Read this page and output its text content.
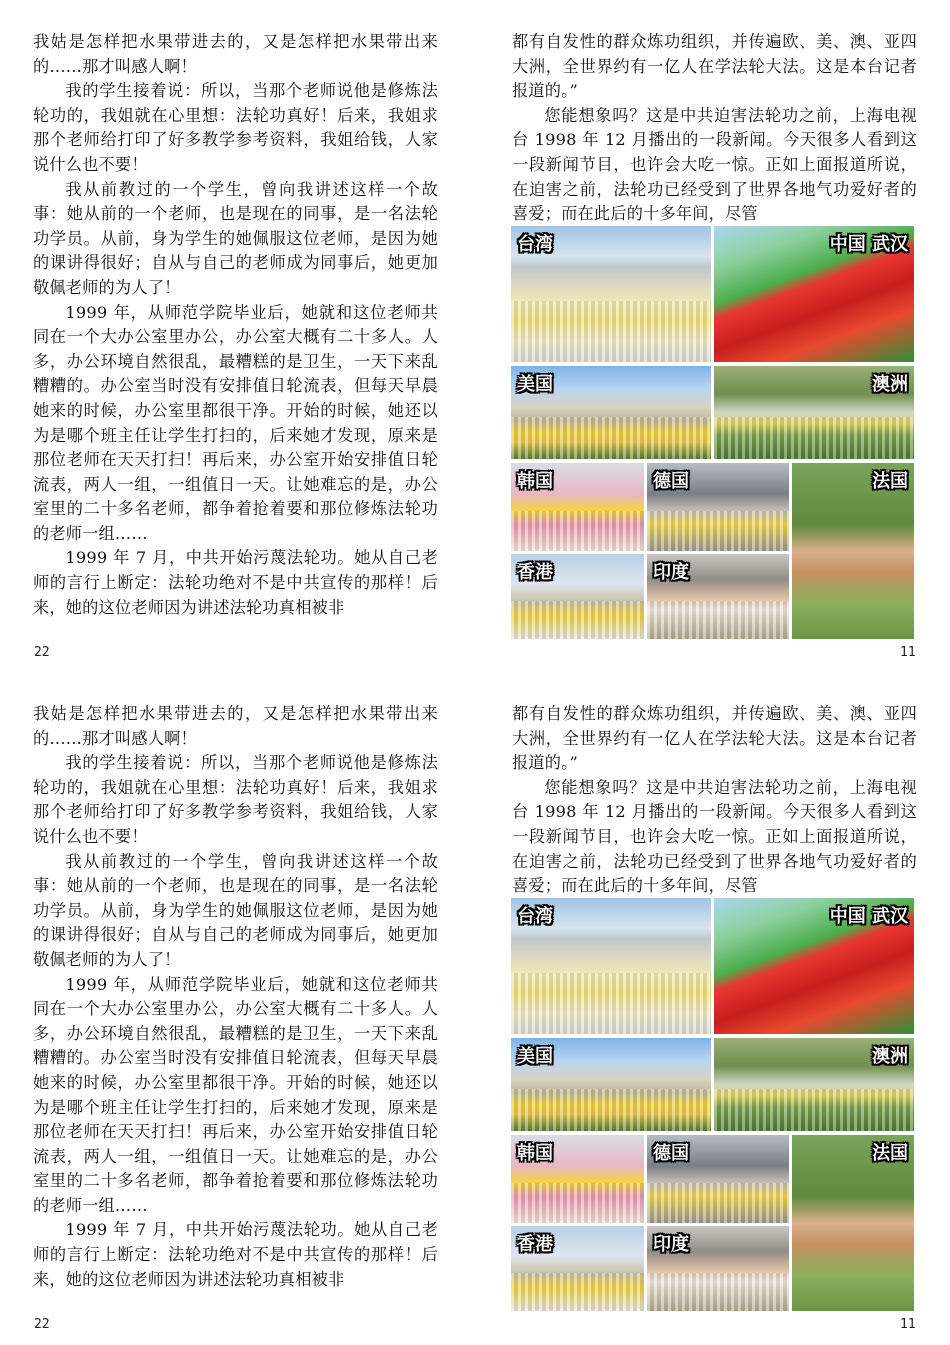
我姑是怎样把水果带进去的，又是怎样把水果带出来的……那才叫感人啊！

我的学生接着说：所以，当那个老师说他是修炼法轮功的，我姐就在心里想：法轮功真好！后来，我姐求那个老师给打印了好多教学参考资料，我姐给钱，人家说什么也不要！

我从前教过的一个学生，曾向我讲述这样一个故事：她从前的一个老师，也是现在的同事，是一名法轮功学员。从前，身为学生的她佩服这位老师，是因为她的课讲得很好；自从与自己的老师成为同事后，她更加敬佩老师的为人了！

1999 年，从师范学院毕业后，她就和这位老师共同在一个大办公室里办公，办公室大概有二十多人。人多，办公环境自然很乱，最糟糕的是卫生，一天下来乱糟糟的。办公室当时没有安排值日轮流表，但每天早晨她来的时候，办公室里都很干净。开始的时候，她还以为是哪个班主任让学生打扫的，后来她才发现，原来是那位老师在天天打扫！再后来，办公室开始安排值日轮流表，两人一组，一组值日一天。让她难忘的是，办公室里的二十多名老师，都争着抢着要和那位修炼法轮功的老师一组……

1999 年 7 月，中共开始污蔑法轮功。她从自己老师的言行上断定：法轮功绝对不是中共宣传的那样！后来，她的这位老师因为讲述法轮功真相被非

22

都有自发性的群众炼功组织，并传遍欧、美、澳、亚四大洲，全世界约有一亿人在学法轮大法。这是本台记者报道的。”

您能想象吗？这是中共迫害法轮功之前，上海电视台 1998 年 12 月播出的一段新闻。今天很多人看到这一段新闻节目，也许会大吃一惊。正如上面报道所说，在迫害之前，法轮功已经受到了世界各地气功爱好者的喜爱；而在此后的十多年间，尽管

台湾	中国 武汉
美国	澳洲
韩国	德国	法国
香港	印度
11

我姑是怎样把水果带进去的，又是怎样把水果带出来的……那才叫感人啊！

我的学生接着说：所以，当那个老师说他是修炼法轮功的，我姐就在心里想：法轮功真好！后来，我姐求那个老师给打印了好多教学参考资料，我姐给钱，人家说什么也不要！

我从前教过的一个学生，曾向我讲述这样一个故事：她从前的一个老师，也是现在的同事，是一名法轮功学员。从前，身为学生的她佩服这位老师，是因为她的课讲得很好；自从与自己的老师成为同事后，她更加敬佩老师的为人了！

1999 年，从师范学院毕业后，她就和这位老师共同在一个大办公室里办公，办公室大概有二十多人。人多，办公环境自然很乱，最糟糕的是卫生，一天下来乱糟糟的。办公室当时没有安排值日轮流表，但每天早晨她来的时候，办公室里都很干净。开始的时候，她还以为是哪个班主任让学生打扫的，后来她才发现，原来是那位老师在天天打扫！再后来，办公室开始安排值日轮流表，两人一组，一组值日一天。让她难忘的是，办公室里的二十多名老师，都争着抢着要和那位修炼法轮功的老师一组……

1999 年 7 月，中共开始污蔑法轮功。她从自己老师的言行上断定：法轮功绝对不是中共宣传的那样！后来，她的这位老师因为讲述法轮功真相被非

22

都有自发性的群众炼功组织，并传遍欧、美、澳、亚四大洲，全世界约有一亿人在学法轮大法。这是本台记者报道的。”

您能想象吗？这是中共迫害法轮功之前，上海电视台 1998 年 12 月播出的一段新闻。今天很多人看到这一段新闻节目，也许会大吃一惊。正如上面报道所说，在迫害之前，法轮功已经受到了世界各地气功爱好者的喜爱；而在此后的十多年间，尽管

台湾	中国 武汉
美国	澳洲
韩国	德国	法国
香港	印度
11
